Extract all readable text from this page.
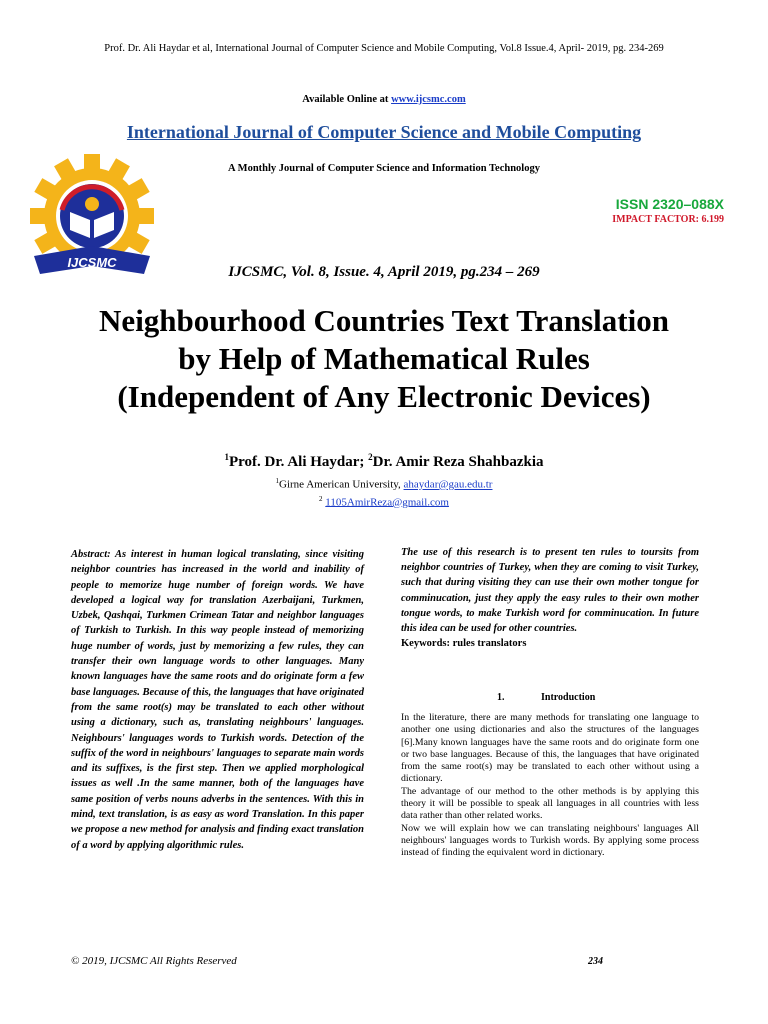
Prof. Dr. Ali Haydar et al, International Journal of Computer Science and Mobile Computing, Vol.8 Issue.4, April- 2019, pg. 234-269
Available Online at www.ijcsmc.com
International Journal of Computer Science and Mobile Computing
A Monthly Journal of Computer Science and Information Technology
IJCSMC
ISSN 2320–088X
IMPACT FACTOR: 6.199
IJCSMC, Vol. 8, Issue. 4, April 2019, pg.234 – 269
Neighbourhood Countries Text Translation
by Help of Mathematical Rules
(Independent of Any Electronic Devices)
$^1$Prof. Dr. Ali Haydar; $^2$Dr. Amir Reza Shahbazkia
$^1$Girne American University, ahaydar@gau.edu.tr
$^2$ 1105AmirReza@gmail.com

Abstract: As interest in human logical translating, since visiting neighbor countries has increased in the world and inability of people to memorize huge number of foreign words. We have developed a logical way for translation Azerbaijani, Turkmen, Uzbek, Qashqai, Turkmen Crimean Tatar and neighbor languages of Turkish to Turkish. In this way people instead of memorizing huge number of words, just by memorizing a few rules, they can transfer their own language words to other languages. Many known languages have the same roots and do originate form a few base languages. Because of this, the languages that have originated from the same root(s) may be translated to each other without using a dictionary, such as, translating neighbours' languages. Neighbours' languages words to Turkish words. Detection of the suffix of the word in neighbours' languages to separate main words and its suffixes, is the first step. Then we applied morphological issues as well .In the same manner, both of the languages have same position of verbs nouns adverbs in the sentences. With this in mind, text translation, is as easy as word Translation. In this paper we propose a new method for analysis and finding exact translation of a word by applying algorithmic rules.

The use of this research is to present ten rules to toursits from neighbor countries of Turkey, when they are coming to visit Turkey, such that during visiting they can use their own mother tongue for comminucation, just they apply the easy rules to their own mother tongue words, to make Turkish word for comminucation. In future this idea can be used for other countries.

Keywords: rules translators

1.	Introduction

In the literature, there are many methods for translating one language to another one using dictionaries and also the structures of the languages [6].Many known languages have the same roots and do originate form one or two base languages. Because of this, the languages that have originated from the same root(s) may be translated to each other without using a dictionary.

The advantage of our method to the other methods is by applying this theory it will be possible to speak all languages in all countries with less data rather than other related works.

Now we will explain how we can translating neighbours' languages All neighbours' languages words to Turkish words. By applying some process instead of finding the equivalent word in dictionary.

© 2019, IJCSMC All Rights Reserved	234
